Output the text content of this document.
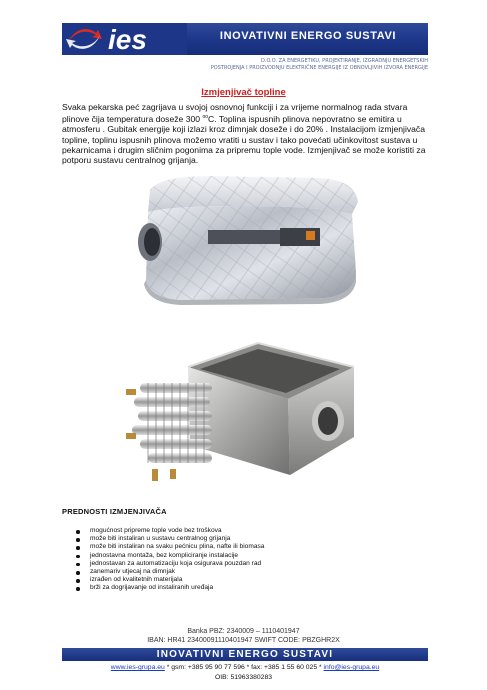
ies	INOVATIVNI ENERGO SUSTAVI
D.O.O. ZA ENERGETIKU, PROJEKTIRANJE, IZGRADNJU ENERGETSKIH
POSTROJENJA I PROIZVODNJU ELEKTRIČNE ENERGIJE IZ OBNOVLJIVIH IZVORA ENERGIJE
Izmjenjivač topline
Svaka pekarska peć zagrijava u svojoj osnovnoj funkciji i za vrijeme normalnog rada stvara plinove čija temperatura doseže 300 $^{oo}$C. Toplina ispusnih plinova nepovratno se emitira u atmosferu . Gubitak energije koji izlazi kroz dimnjak doseže i do 20% . Instalacijom izmjenjivača topline, toplinu ispusnih plinova možemo vratiti u sustav i tako povećati učinkovitost sustava u pekarnicama i drugim sličnim pogonima za pripremu tople vode. Izmjenjivač se može koristiti za potporu sustavu centralnog grijanja.
PREDNOSTI IZMJENJIVAČA
mogućnost pripreme tople vode bez troškova
može biti instaliran u sustavu centralnog grijanja
može biti instaliran na svaku pećnicu plina, nafte ili biomasa
jednostavna montaža, bez kompliciranje instalacije
jednostavan za automatizaciju koja osigurava pouzdan rad
zanemariv utjecaj na dimnjak
izrađen od kvalitetnih materijala
brži za dogrijavanje od instaliranih uređaja
Banka PBZ: 2340009 – 1110401947
IBAN: HR41 2340009111040194​7 SWIFT CODE: PBZGHR2X
INOVATIVNI ENERGO SUSTAVI
www.ies-grupa.eu * gsm: +385 95 90 77 596 * fax: +385 1 55 60 025 * info@ies-grupa.eu
OIB: 51963380283
